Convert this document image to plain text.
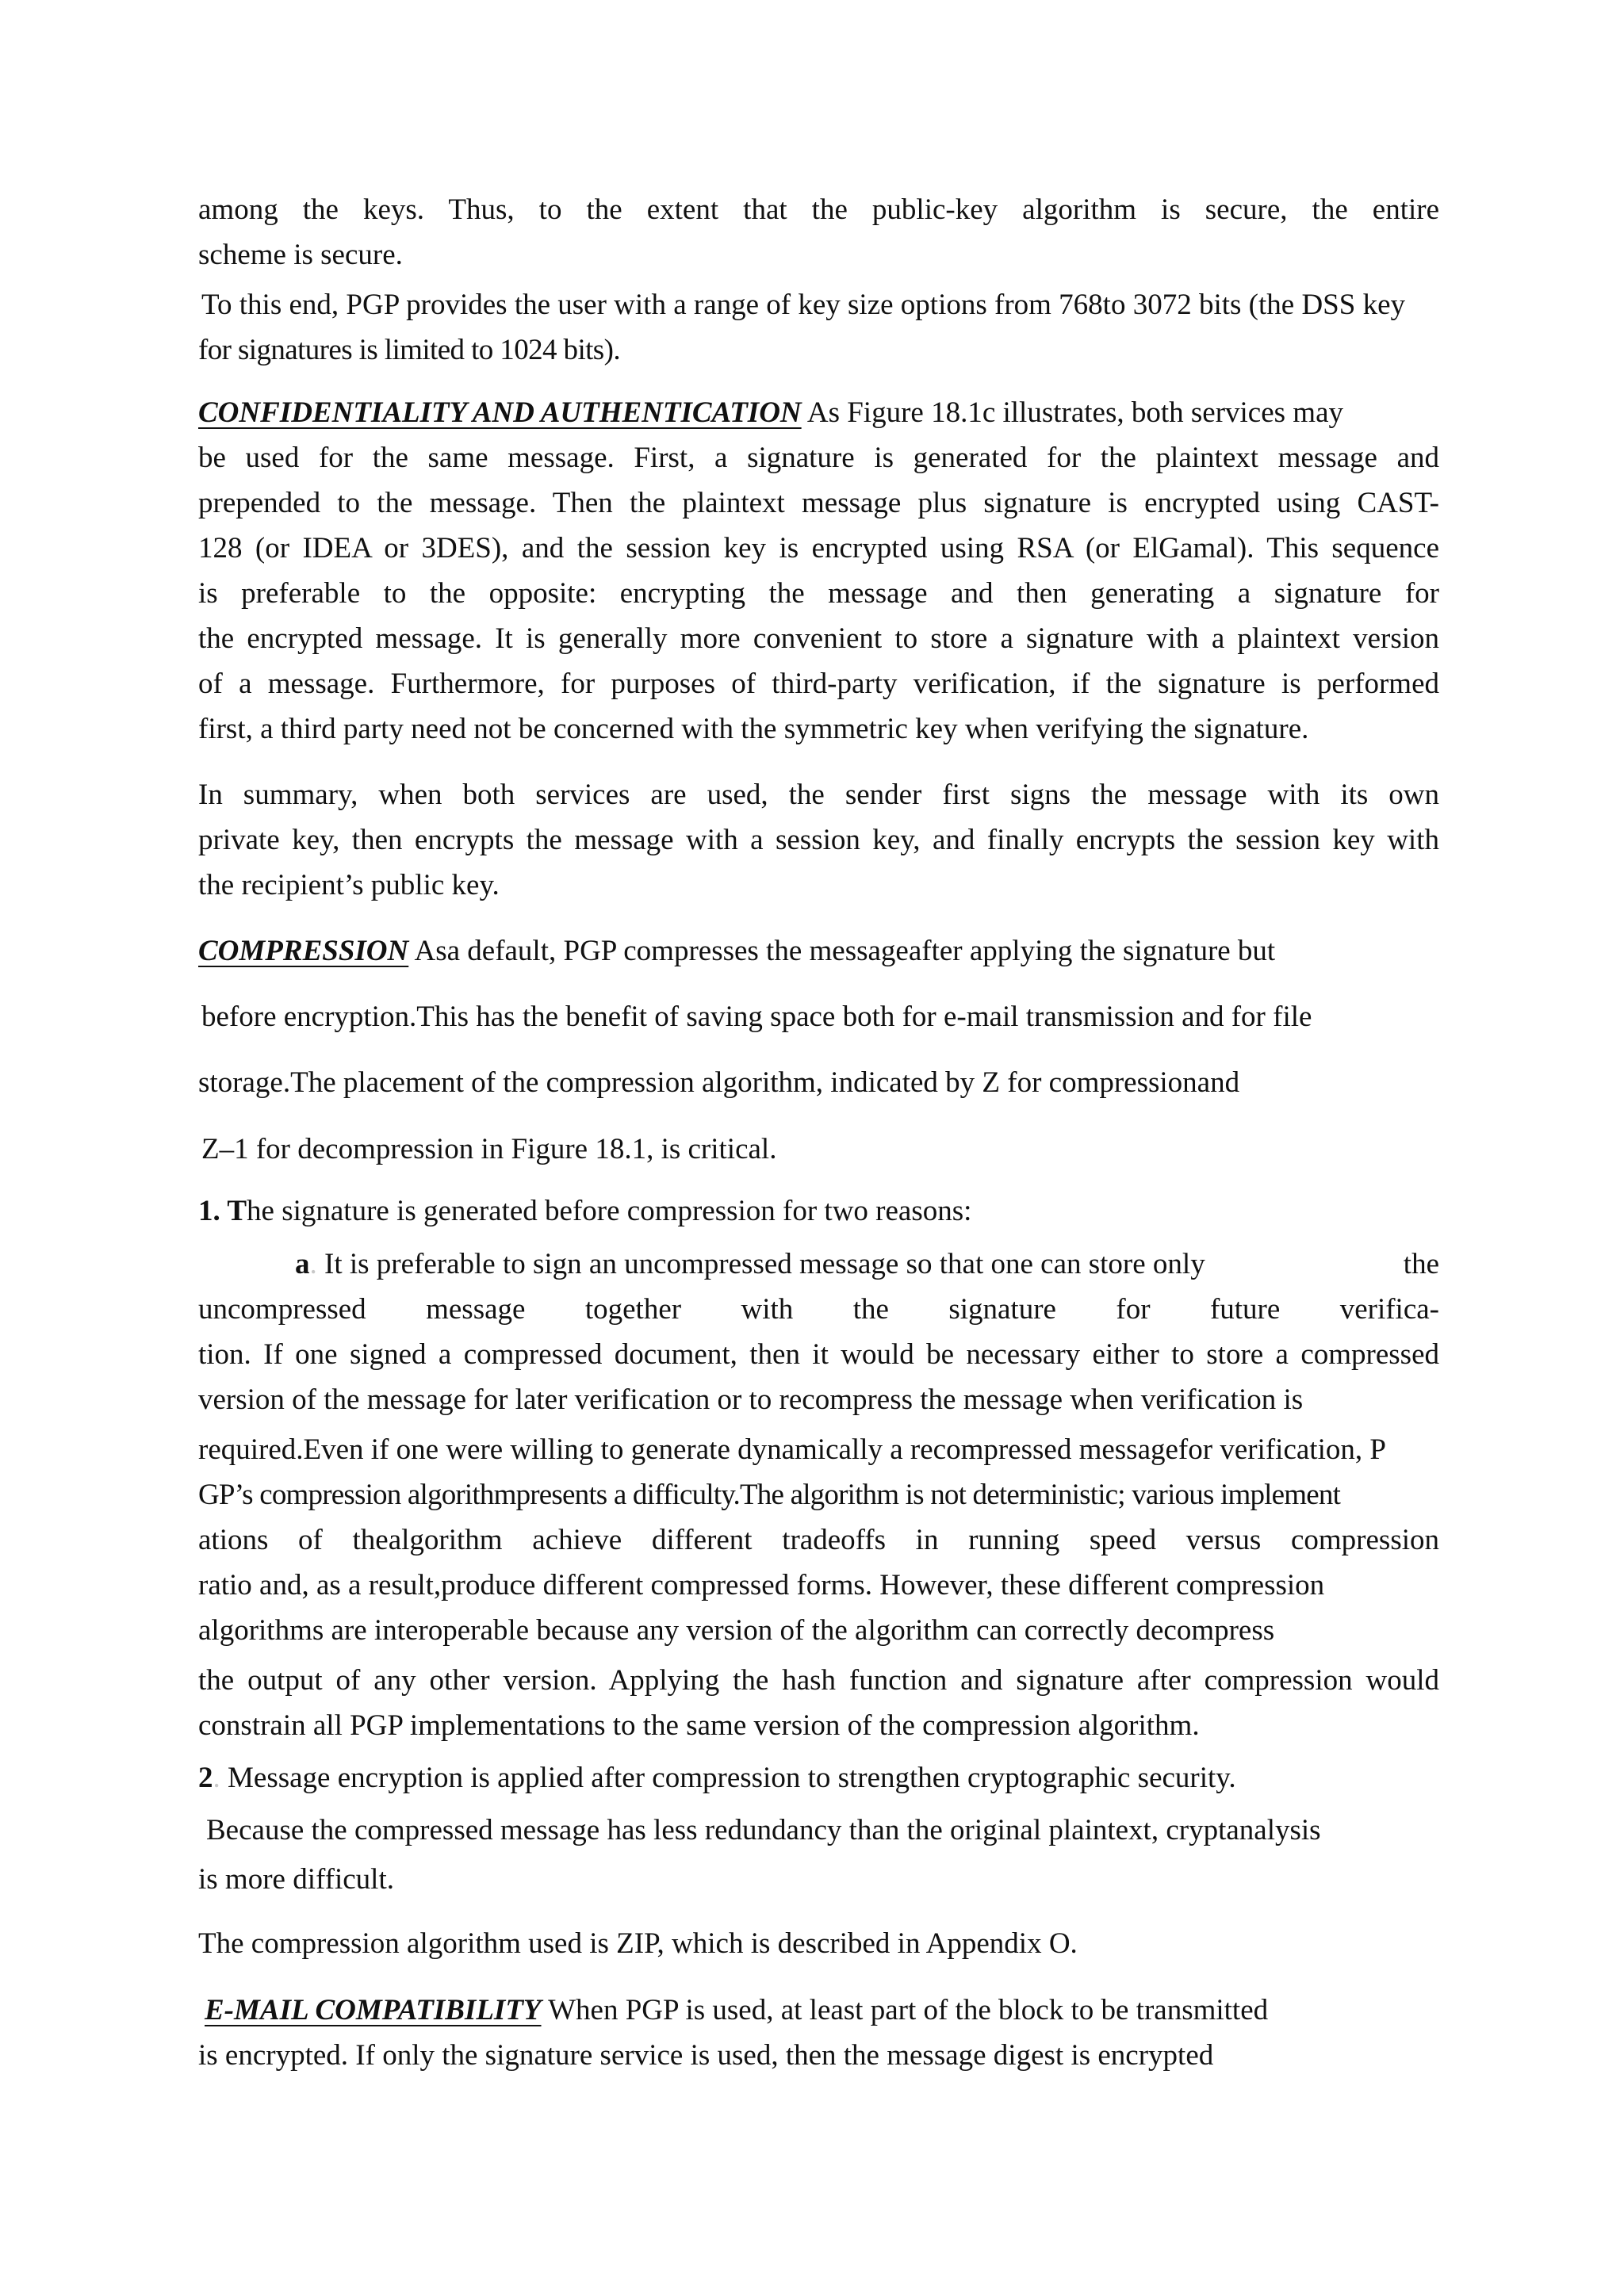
among the keys. Thus, to the extent that the public-key algorithm is secure, the entire
scheme is secure.
To this end, PGP provides the user with a range of key size options from 768to 3072 bits (the DSS key
for signatures is limited to 1024 bits).
CONFIDENTIALITY AND AUTHENTICATION As Figure 18.1c illustrates, both services may
be used for the same message. First, a signature is generated for the plaintext message and
prepended to the message. Then the plaintext message plus signature is encrypted using CAST-
128 (or IDEA or 3DES), and the session key is encrypted using RSA (or ElGamal). This sequence
is preferable to the opposite: encrypting the message and then generating a signature for
the encrypted message. It is generally more convenient to store a signature with a plaintext version
of a message. Furthermore, for purposes of third-party verification, if the signature is performed
first, a third party need not be concerned with the symmetric key when verifying the signature.
In summary, when both services are used, the sender first signs the message with its own
private key, then encrypts the message with a session key, and finally encrypts the session key with
the recipient’s public key.
COMPRESSION Asa default, PGP compresses the messageafter applying the signature but
before encryption.This has the benefit of saving space both for e-mail transmission and for file
storage.The placement of the compression algorithm, indicated by Z for compressionand
Z–1 for decompression in Figure 18.1, is critical.
1. The signature is generated before compression for two reasons:
a. It is preferable to sign an uncompressed message so that one can store only	the
uncompressed message together with the signature for future verifica-
tion. If one signed a compressed document, then it would be necessary either to store a compressed
version of the message for later verification or to recompress the message when verification is
required.Even if one were willing to generate dynamically a recompressed messagefor verification, P
GP’s compression algorithmpresents a difficulty.The algorithm is not deterministic; various implement
ations of thealgorithm achieve different tradeoffs in running speed versus compression
ratio and, as a result,produce different compressed forms. However, these different compression
algorithms are interoperable because any version of the algorithm can correctly decompress
the output of any other version. Applying the hash function and signature after compression would
constrain all PGP implementations to the same version of the compression algorithm.
2. Message encryption is applied after compression to strengthen cryptographic security.
Because the compressed message has less redundancy than the original plaintext, cryptanalysis
is more difficult.
The compression algorithm used is ZIP, which is described in Appendix O.
E-MAIL COMPATIBILITY When PGP is used, at least part of the block to be transmitted
is encrypted. If only the signature service is used, then the message digest is encrypted
